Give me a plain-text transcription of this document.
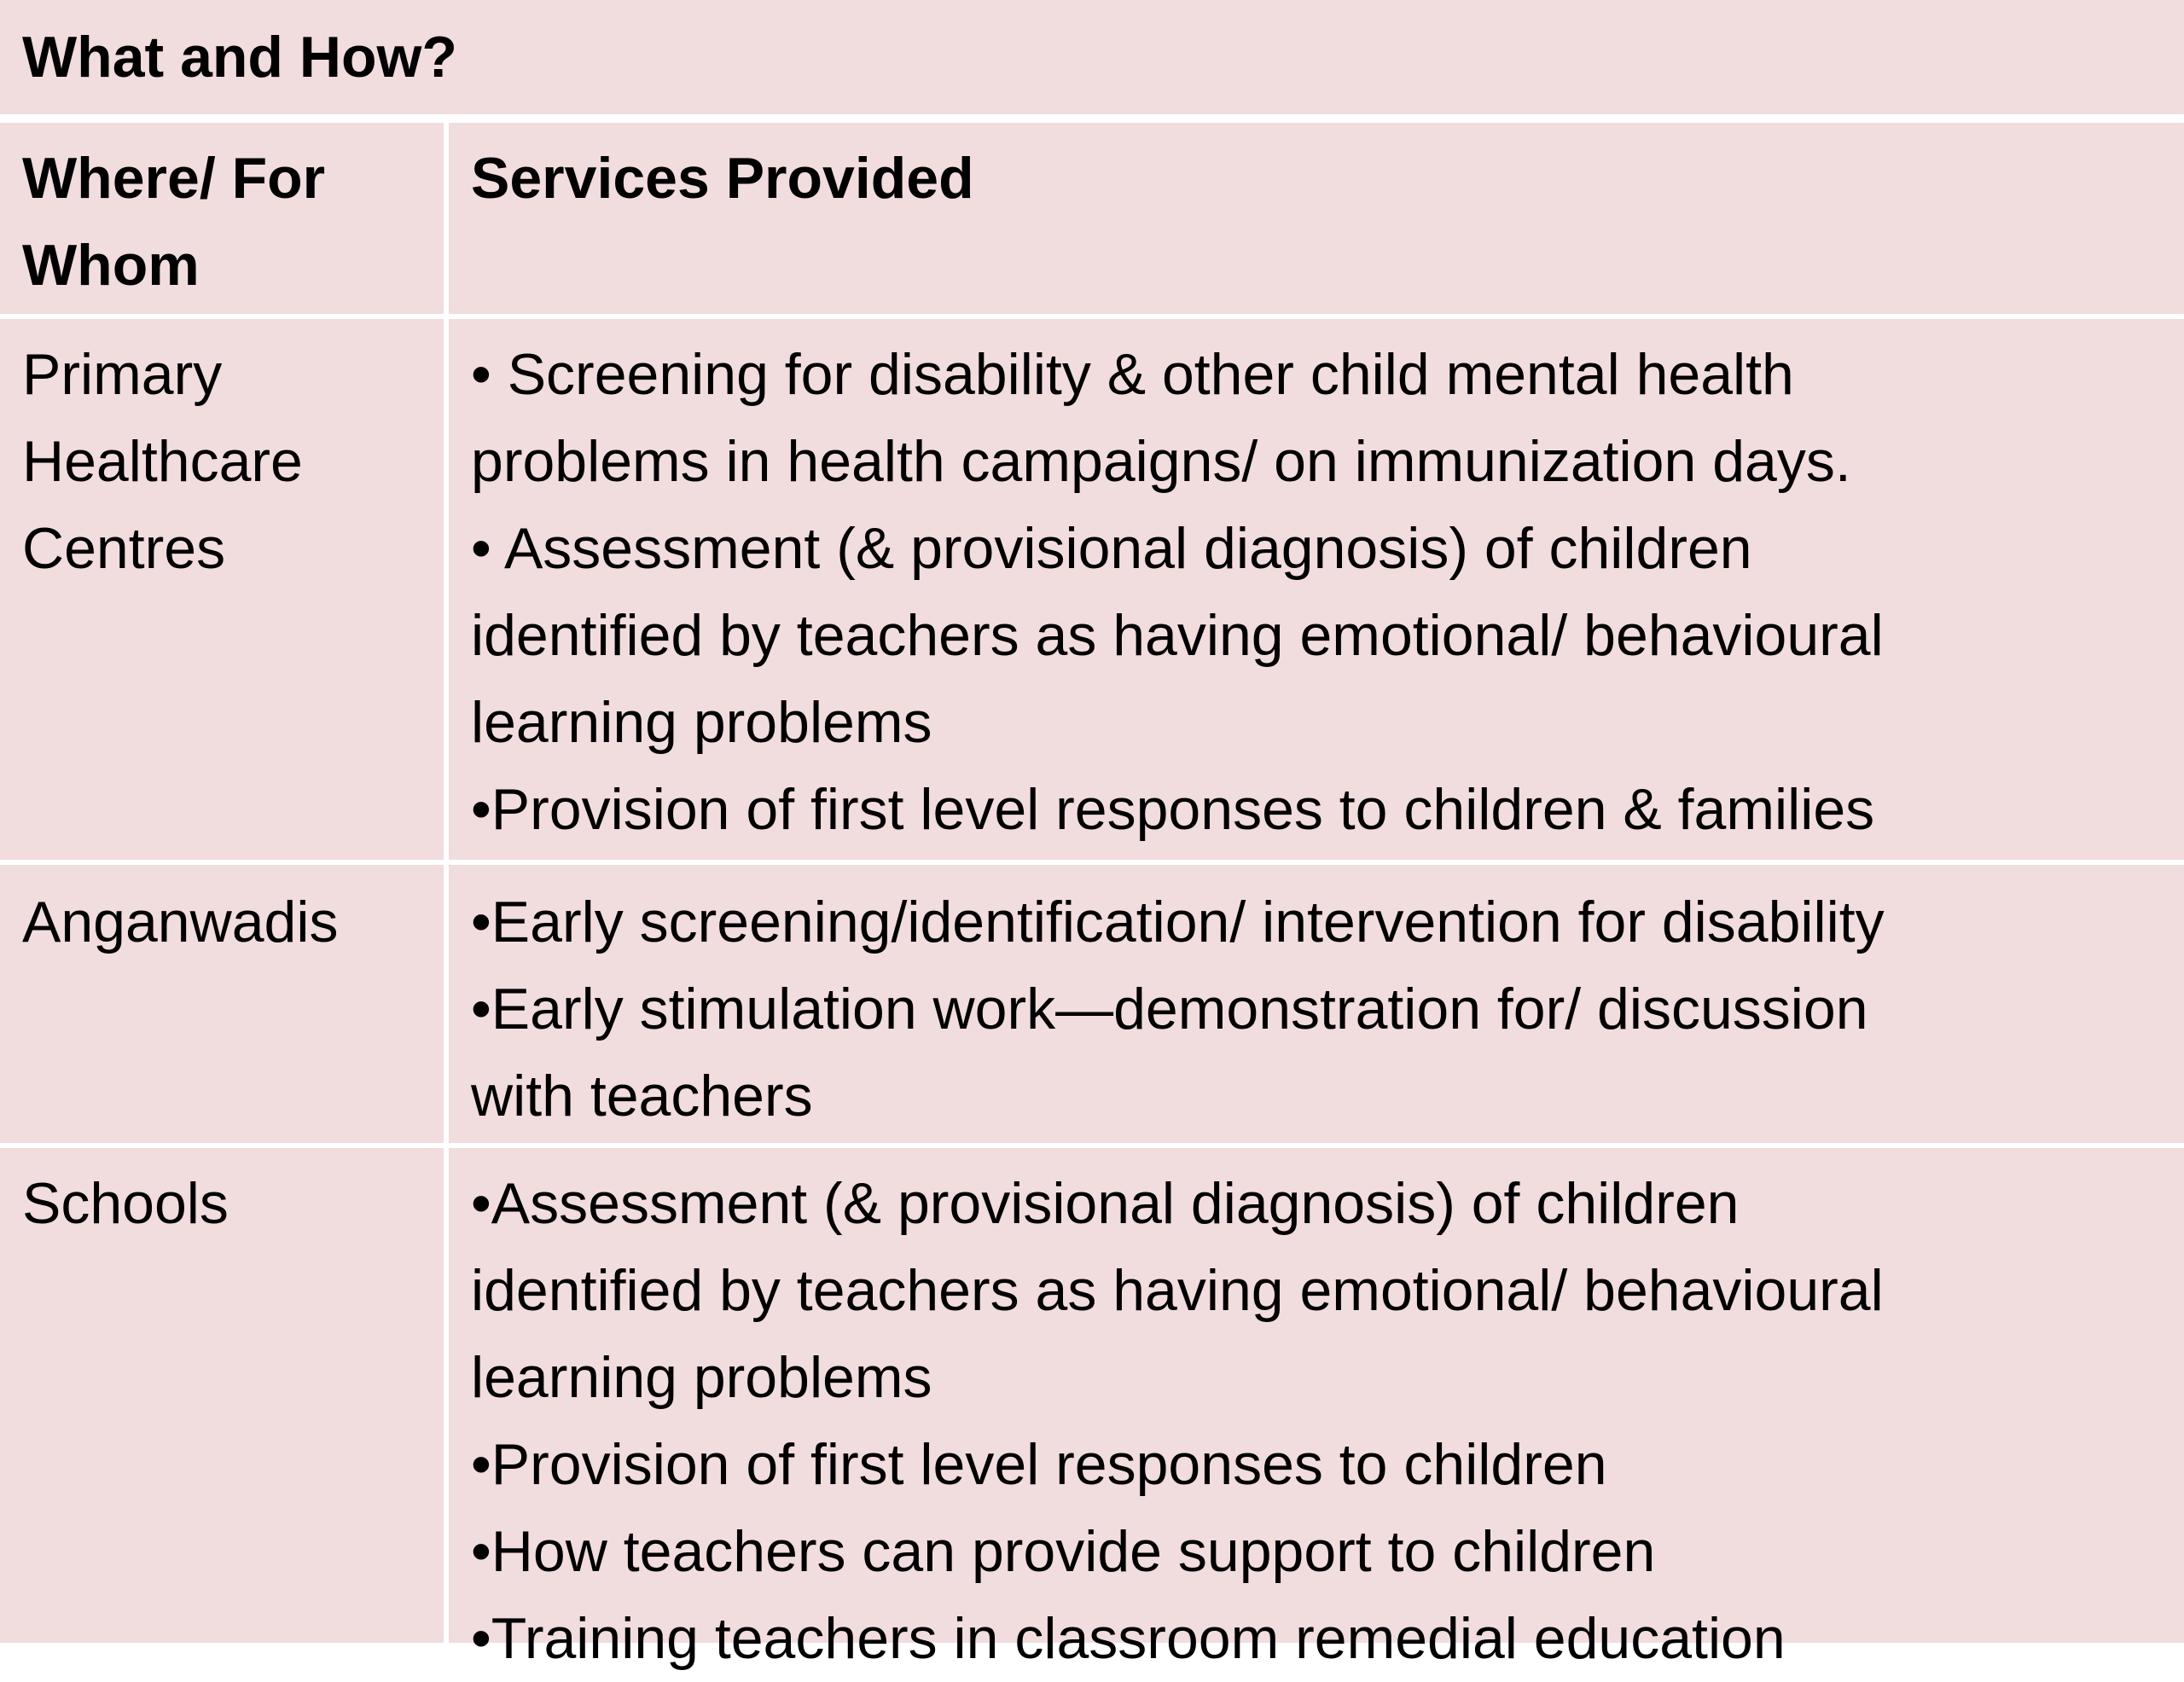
What and How?
Where/ For
Whom
Services Provided
Primary
Healthcare
Centres
• Screening for disability & other child mental health
problems in health campaigns/ on immunization days.
• Assessment (& provisional diagnosis) of children
identified by teachers as having emotional/ behavioural
learning problems
•Provision of first level responses to children & families
Anganwadis •Early screening/identification/ intervention for disability
•Early stimulation work—demonstration for/ discussion
with teachers
Schools	•Assessment (& provisional diagnosis) of children
identified by teachers as having emotional/ behavioural
learning problems
•Provision of first level responses to children
•How teachers can provide support to children
•Training teachers in classroom remedial education
